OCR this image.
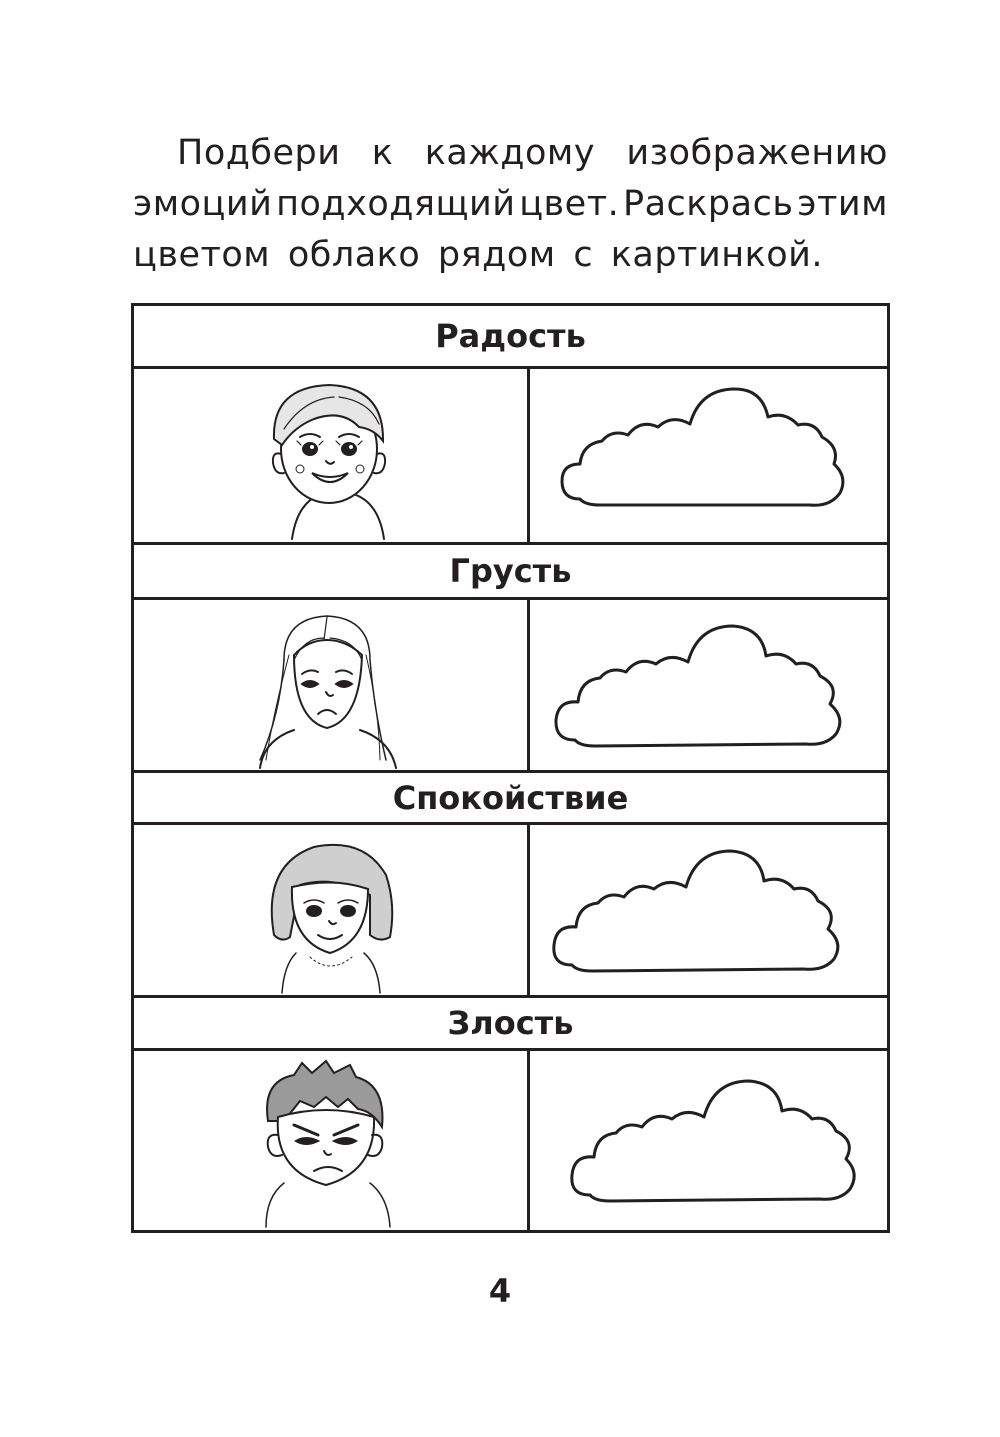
Подбери к каждому изображению
эмоций подходящий цвет. Раскрась этим
цветом облако рядом с картинкой.
Радость
Грусть
Спокойствие
Злость
4
